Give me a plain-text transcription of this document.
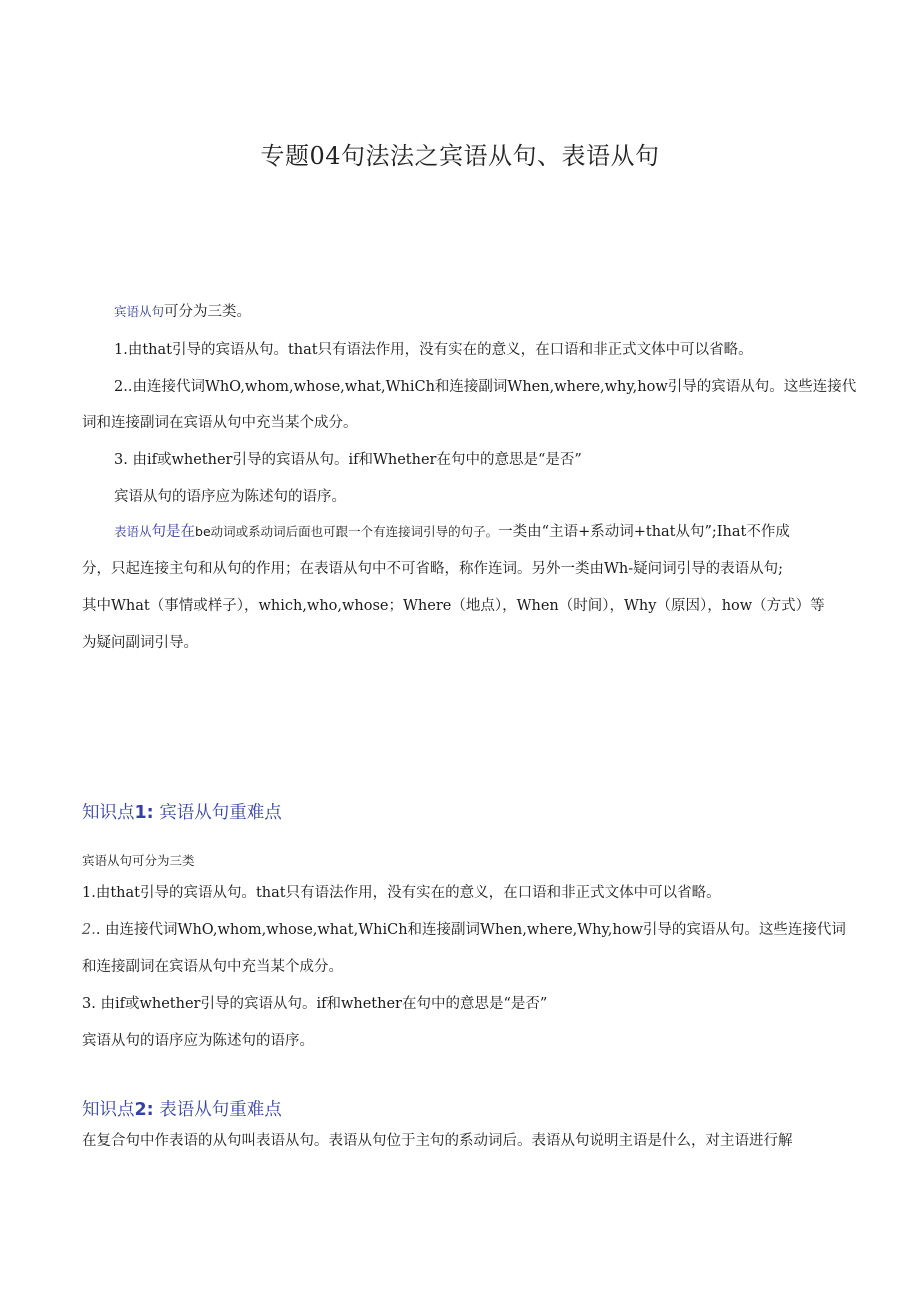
专题04句法法之宾语从句、表语从句
宾语从句可分为三类。
1.由that引导的宾语从句。that只有语法作用，没有实在的意义，在口语和非正式文体中可以省略。
2..由连接代词WhO,whom,whose,what,WhiCh和连接副词When,where,why,how引导的宾语从句。这些连接代
词和连接副词在宾语从句中充当某个成分。
3. 由if或whether引导的宾语从句。if和Whether在句中的意思是“是否”
宾语从句的语序应为陈述句的语序。
表语从句是在be动词或系动词后面也可跟一个有连接词引导的句子。一类由“主语+系动词+that从句”;Ihat不作成
分，只起连接主句和从句的作用；在表语从句中不可省略，称作连词。另外一类由Wh-疑问词引导的表语从句;
其中What（事情或样子），which,who,whose；Where（地点），When（时间），Why（原因），how（方式）等
为疑问副词引导。
知识点1: 宾语从句重难点
宾语从句可分为三类
1.由that引导的宾语从句。that只有语法作用，没有实在的意义，在口语和非正式文体中可以省略。
2.. 由连接代词WhO,whom,whose,what,WhiCh和连接副词When,where,Why,how引导的宾语从句。这些连接代词
和连接副词在宾语从句中充当某个成分。
3. 由if或whether引导的宾语从句。if和whether在句中的意思是“是否”
宾语从句的语序应为陈述句的语序。
知识点2: 表语从句重难点
在复合句中作表语的从句叫表语从句。表语从句位于主句的系动词后。表语从句说明主语是什么，对主语进行解
